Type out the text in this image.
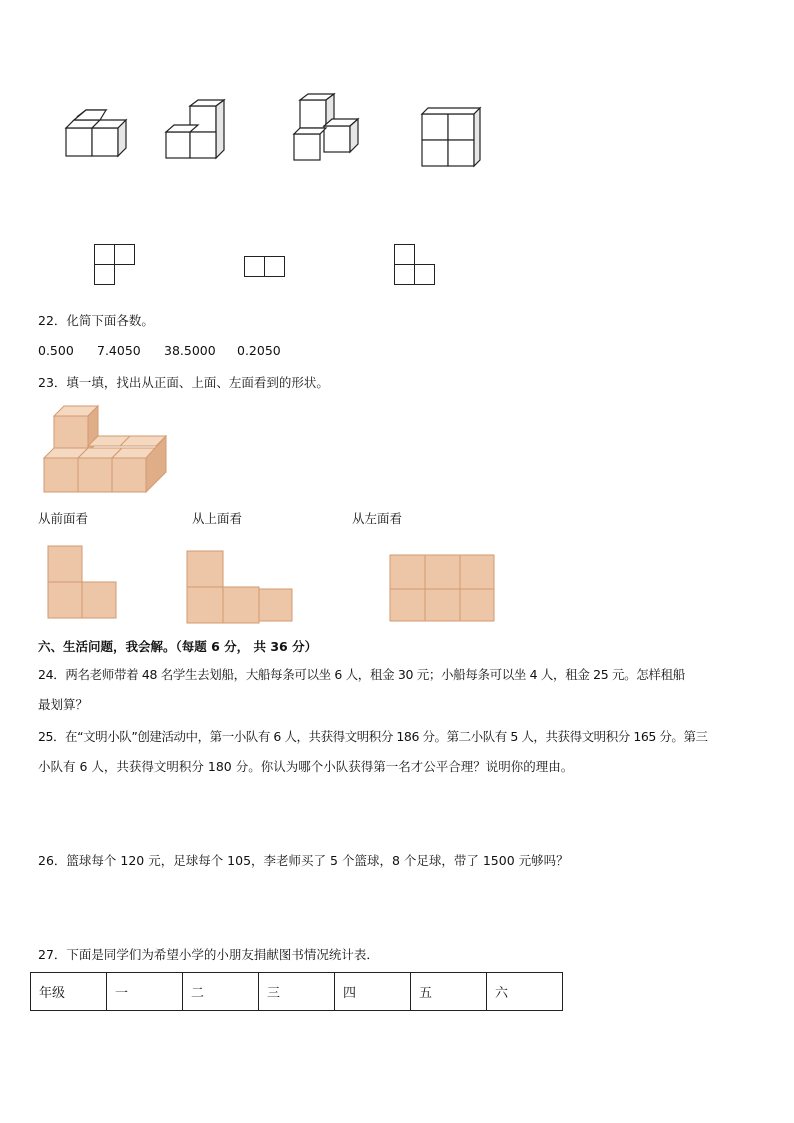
22．化简下面各数。
0.500 7.4050 38.5000 0.2050
23．填一填，找出从正面、上面、左面看到的形状。
从前面看	从上面看	从左面看
六、生活问题，我会解。（每题 6 分， 共 36 分）
24．两名老师带着 48 名学生去划船，大船每条可以坐 6 人，租金 30 元；小船每条可以坐 4 人，租金 25 元。怎样租船
最划算？
25．在“文明小队”创建活动中，第一小队有 6 人，共获得文明积分 186 分。第二小队有 5 人，共获得文明积分 165 分。第三
小队有 6 人，共获得文明积分 180 分。你认为哪个小队获得第一名才公平合理？说明你的理由。
26．篮球每个 120 元，足球每个 105，李老师买了 5 个篮球，8 个足球，带了 1500 元够吗？
27．下面是同学们为希望小学的小朋友捐献图书情况统计表．
年级	一	二	三	四	五	六
